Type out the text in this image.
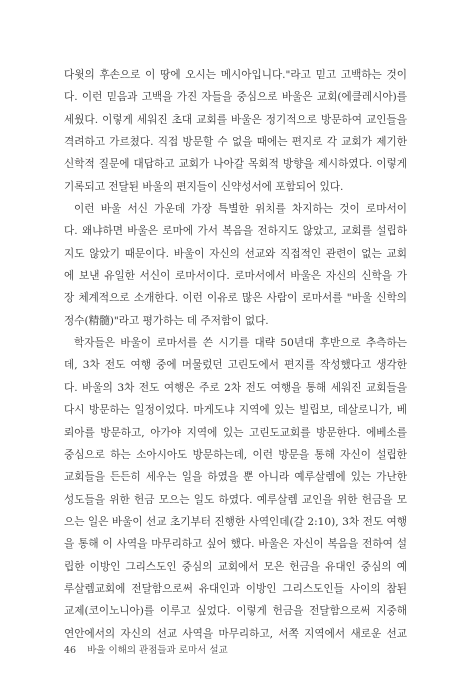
다윗의 후손으로 이 땅에 오시는 메시아입니다."라고 믿고 고백하는 것이
다. 이런 믿음과 고백을 가진 자들을 중심으로 바울은 교회(에클레시아)를
세웠다. 이렇게 세워진 초대 교회를 바울은 정기적으로 방문하여 교인들을
격려하고 가르쳤다. 직접 방문할 수 없을 때에는 편지로 각 교회가 제기한
신학적 질문에 대답하고 교회가 나아갈 목회적 방향을 제시하였다. 이렇게
기록되고 전달된 바울의 편지들이 신약성서에 포함되어 있다.
이런 바울 서신 가운데 가장 특별한 위치를 차지하는 것이 로마서이
다. 왜냐하면 바울은 로마에 가서 복음을 전하지도 않았고, 교회를 설립하
지도 않았기 때문이다. 바울이 자신의 선교와 직접적인 관련이 없는 교회
에 보낸 유일한 서신이 로마서이다. 로마서에서 바울은 자신의 신학을 가
장 체계적으로 소개한다. 이런 이유로 많은 사람이 로마서를 "바울 신학의
정수(精髓)"라고 평가하는 데 주저함이 없다.
학자들은 바울이 로마서를 쓴 시기를 대략 50년대 후반으로 추측하는
데, 3차 전도 여행 중에 머물렀던 고린도에서 편지를 작성했다고 생각한
다. 바울의 3차 전도 여행은 주로 2차 전도 여행을 통해 세워진 교회들을
다시 방문하는 일정이었다. 마게도냐 지역에 있는 빌립보, 데살로니가, 베
뢰아를 방문하고, 아가야 지역에 있는 고린도교회를 방문한다. 에베소를
중심으로 하는 소아시아도 방문하는데, 이런 방문을 통해 자신이 설립한
교회들을 든든히 세우는 일을 하였을 뿐 아니라 예루살렘에 있는 가난한
성도들을 위한 헌금 모으는 일도 하였다. 예루살렘 교인을 위한 헌금을 모
으는 일은 바울이 선교 초기부터 진행한 사역인데(갈 2:10), 3차 전도 여행
을 통해 이 사역을 마무리하고 싶어 했다. 바울은 자신이 복음을 전하여 설
립한 이방인 그리스도인 중심의 교회에서 모은 헌금을 유대인 중심의 예
루살렘교회에 전달함으로써 유대인과 이방인 그리스도인들 사이의 참된
교제(코이노니아)를 이루고 싶었다. 이렇게 헌금을 전달함으로써 지중해
연안에서의 자신의 선교 사역을 마무리하고, 서쪽 지역에서 새로운 선교
46 바울 이해의 관점들과 로마서 설교
